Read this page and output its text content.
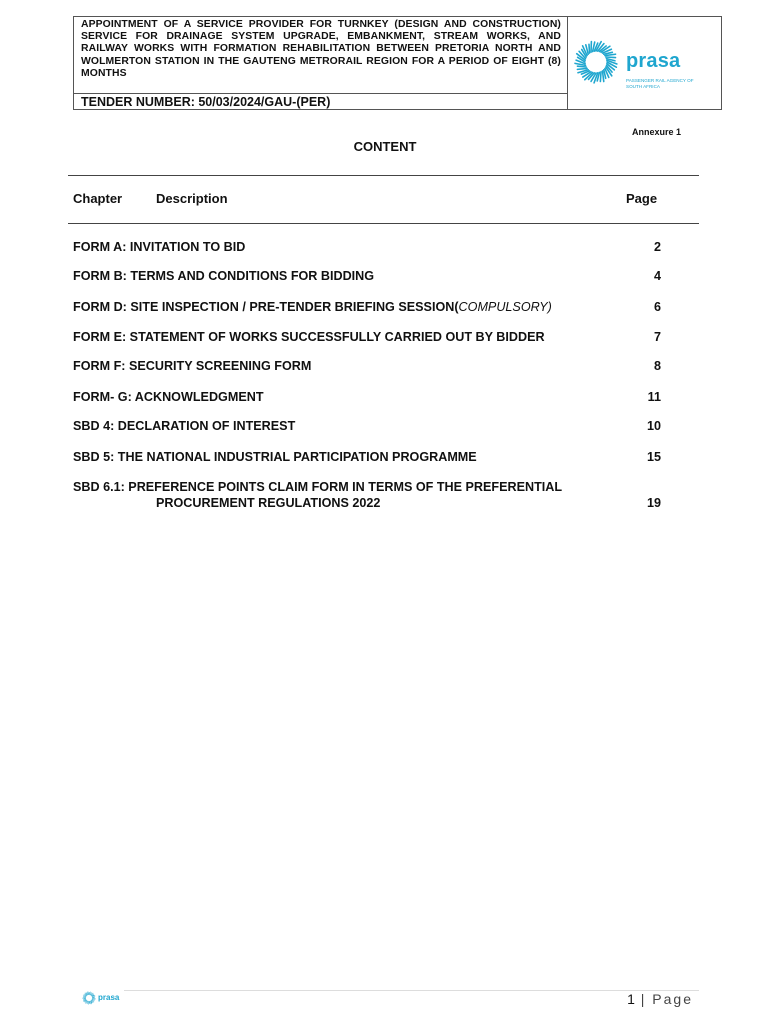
APPOINTMENT OF A SERVICE PROVIDER FOR TURNKEY (DESIGN AND CONSTRUCTION) SERVICE FOR DRAINAGE SYSTEM UPGRADE, EMBANKMENT, STREAM WORKS, AND RAILWAY WORKS WITH FORMATION REHABILITATION BETWEEN PRETORIA NORTH AND WOLMERTON STATION IN THE GAUTENG METRORAIL REGION FOR A PERIOD OF EIGHT (8) MONTHS
TENDER NUMBER: 50/03/2024/GAU-(PER)
prasa
PASSENGER RAIL AGENCY OF SOUTH AFRICA
Annexure 1
CONTENT
Chapter	Description	Page
FORM A: INVITATION TO BID	2
FORM B: TERMS AND CONDITIONS FOR BIDDING	4
FORM D: SITE INSPECTION / PRE-TENDER BRIEFING SESSION(COMPULSORY)	6
FORM E: STATEMENT OF WORKS SUCCESSFULLY CARRIED OUT BY BIDDER	7
FORM F: SECURITY SCREENING FORM	8
FORM- G: ACKNOWLEDGMENT	11
SBD 4: DECLARATION OF INTEREST	10
SBD 5: THE NATIONAL INDUSTRIAL PARTICIPATION PROGRAMME	15
SBD 6.1: PREFERENCE POINTS CLAIM FORM IN TERMS OF THE PREFERENTIAL
PROCUREMENT REGULATIONS 2022	19
prasa	1 | Page
